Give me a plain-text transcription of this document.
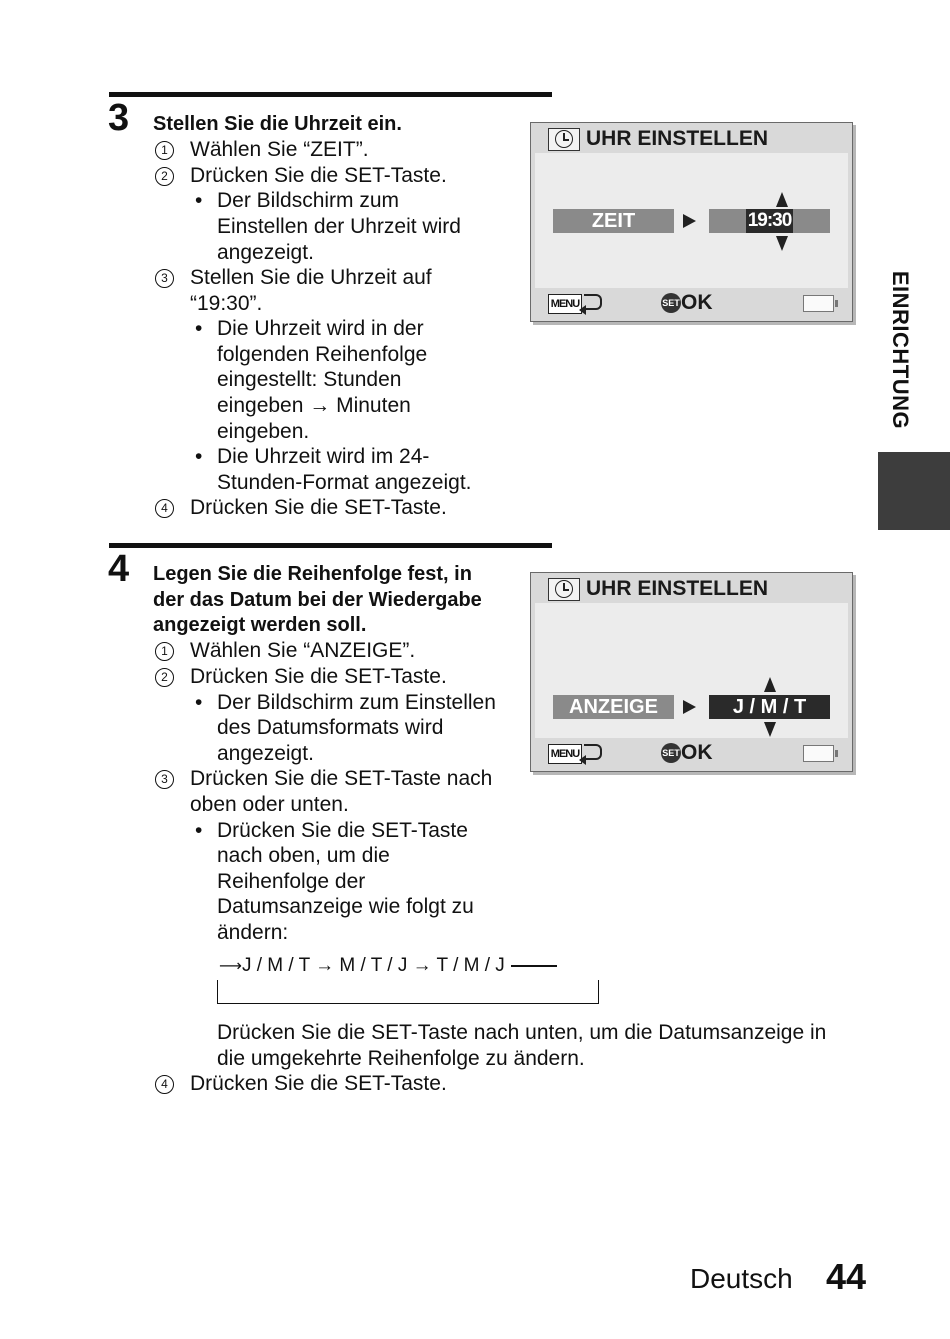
3 Stellen Sie die Uhrzeit ein.
1 Wählen Sie “ZEIT”.
2 Drücken Sie die SET-Taste.
• Der Bildschirm zum
Einstellen der Uhrzeit wird
angezeigt.
3 Stellen Sie die Uhrzeit auf
“19:30”.
• Die Uhrzeit wird in der
folgenden Reihenfolge
eingestellt: Stunden
eingeben → Minuten
eingeben.
• Die Uhrzeit wird im 24-
Stunden-Format angezeigt.
4 Drücken Sie die SET-Taste.
UHR EINSTELLEN
ZEIT	19:30
MENU	SET OK
4 Legen Sie die Reihenfolge fest, in
der das Datum bei der Wiedergabe
angezeigt werden soll.
1 Wählen Sie “ANZEIGE”.
2 Drücken Sie die SET-Taste.
• Der Bildschirm zum Einstellen
des Datumsformats wird
angezeigt.
3 Drücken Sie die SET-Taste nach
oben oder unten.
• Drücken Sie die SET-Taste
nach oben, um die
Reihenfolge der
Datumsanzeige wie folgt zu
ändern:
⟶J / M / T → M / T / J → T / M / J
Drücken Sie die SET-Taste nach unten, um die Datumsanzeige in
die umgekehrte Reihenfolge zu ändern.
4 Drücken Sie die SET-Taste.
UHR EINSTELLEN
ANZEIGE	J / M / T
MENU	SET OK
EINRICHTUNG
Deutsch 44
